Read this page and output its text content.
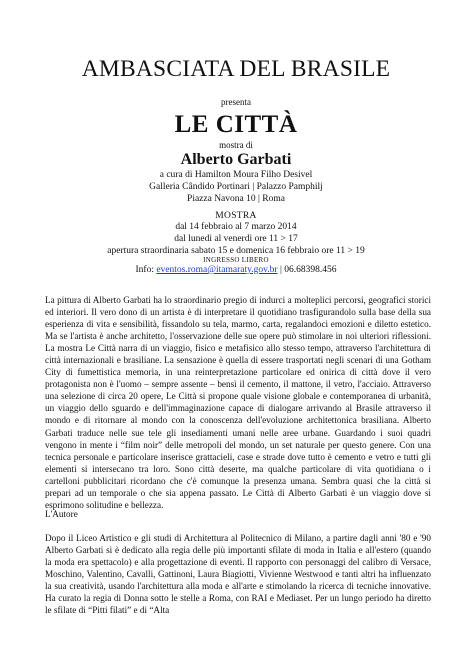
AMBASCIATA DEL BRASILE
presenta
LE CITTÀ
mostra di
Alberto Garbati
a cura di Hamilton Moura Filho Desivel
Galleria Cândido Portinari | Palazzo Pamphilj
Piazza Navona 10 | Roma
MOSTRA
dal 14 febbraio al 7 marzo 2014
dal lunedì al venerdì ore 11 > 17
apertura straordinaria sabato 15 e domenica 16 febbraio ore 11 > 19
INGRESSO LIBERO
Info: eventos.roma@itamaraty.gov.br | 06.68398.456
La pittura di Alberto Garbati ha lo straordinario pregio di indurci a molteplici percorsi, geografici storici ed interiori. Il vero dono di un artista è di interpretare il quotidiano trasfigurandolo sulla base della sua esperienza di vita e sensibilità, fissandolo su tela, marmo, carta, regalandoci emozioni e diletto estetico. Ma se l'artista è anche architetto, l'osservazione delle sue opere può stimolare in noi ulteriori riflessioni. La mostra Le Città narra di un viaggio, fisico e metafisico allo stesso tempo, attraverso l'architettura di città internazionali e brasiliane. La sensazione è quella di essere trasportati negli scenari di una Gotham City di fumettistica memoria, in una reinterpretazione particolare ed onirica di città dove il vero protagonista non è l'uomo – sempre assente – bensì il cemento, il mattone, il vetro, l'acciaio. Attraverso una selezione di circa 20 opere, Le Città si propone quale visione globale e contemporanea di urbanità, un viaggio dello sguardo e dell'immaginazione capace di dialogare arrivando al Brasile attraverso il mondo e di ritornare al mondo con la conoscenza dell'evoluzione architettonica brasiliana. Alberto Garbati traduce nelle sue tele gli insediamenti umani nelle aree urbane. Guardando i suoi quadri vengono in mente i “film noir” delle metropoli del mondo, un set naturale per questo genere. Con una tecnica personale e particolare inserisce grattacieli, case e strade dove tutto è cemento e vetro e tutti gli elementi si intersecano tra loro. Sono città deserte, ma qualche particolare di vita quotidiana o i cartelloni pubblicitari ricordano che c'è comunque la presenza umana. Sembra quasi che la città si prepari ad un temporale o che sia appena passato. Le Città di Alberto Garbati è un viaggio dove si esprimono solitudine e bellezza.
L'Autore
Dopo il Liceo Artistico e gli studi di Architettura al Politecnico di Milano, a partire dagli anni '80 e '90 Alberto Garbati si è dedicato alla regia delle più importanti sfilate di moda in Italia e all'estero (quando la moda era spettacolo) e alla progettazione di eventi. Il rapporto con personaggi del calibro di Versace, Moschino, Valentino, Cavalli, Gattinoni, Laura Biagiotti, Vivienne Westwood e tanti altri ha influenzato la sua creatività, usando l'architettura alla moda e all'arte e stimolando la ricerca di tecniche innovative. Ha curato la regia di Donna sotto le stelle a Roma, con RAI e Mediaset. Per un lungo periodo ha diretto le sfilate di “Pitti filati” e di “Alta
